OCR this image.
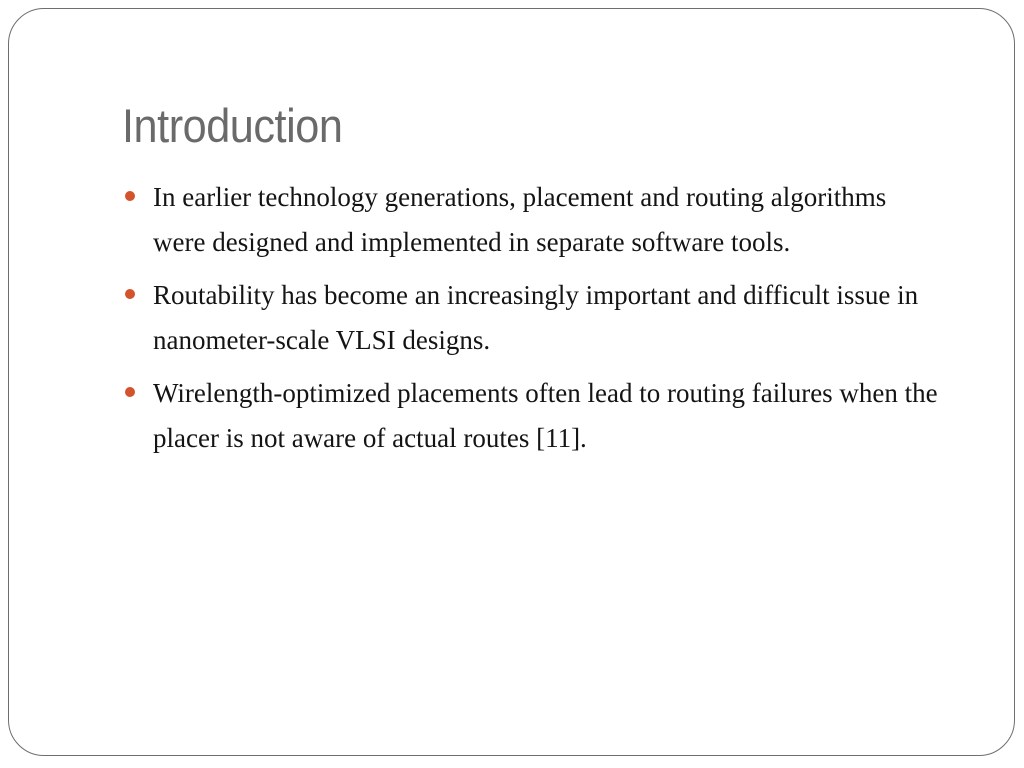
Introduction
In earlier technology generations, placement and routing algorithms were designed and implemented in separate software tools.
Routability has become an increasingly important and difficult issue in nanometer-scale VLSI designs.
Wirelength-optimized placements often lead to routing failures when the placer is not aware of actual routes [11].
